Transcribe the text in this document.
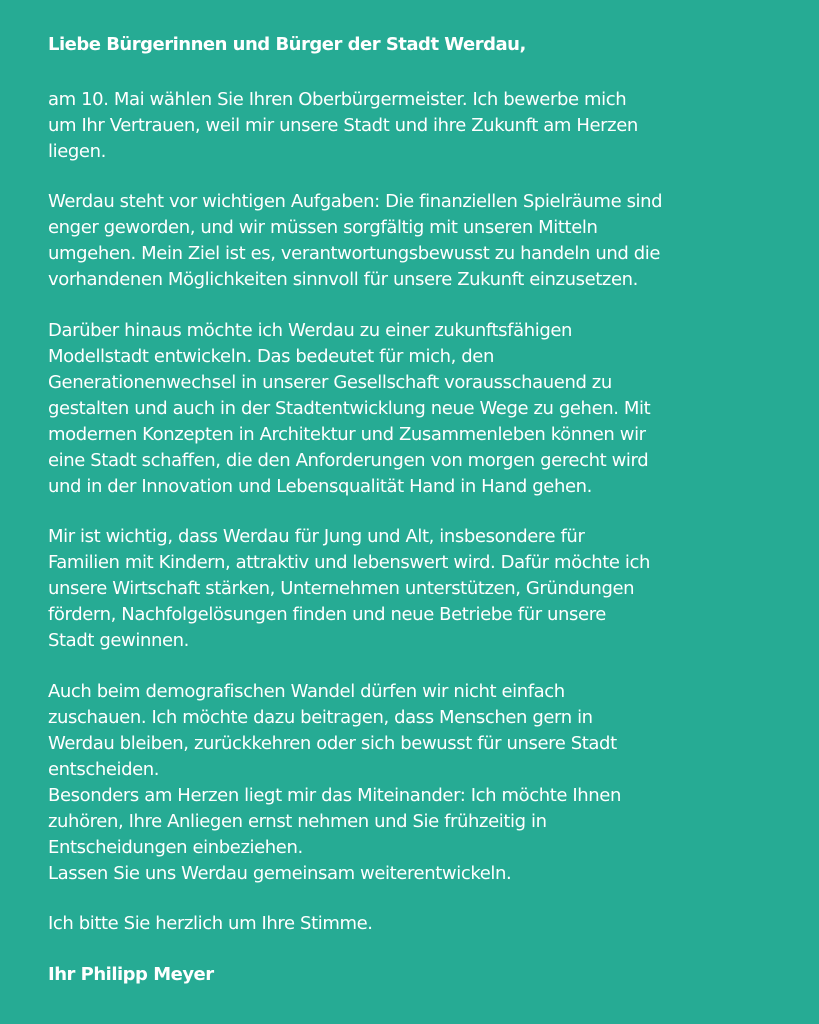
Liebe Bürgerinnen und Bürger der Stadt Werdau,

am 10. Mai wählen Sie Ihren Oberbürgermeister. Ich bewerbe mich
um Ihr Vertrauen, weil mir unsere Stadt und ihre Zukunft am Herzen
liegen.

Werdau steht vor wichtigen Aufgaben: Die finanziellen Spielräume sind
enger geworden, und wir müssen sorgfältig mit unseren Mitteln
umgehen. Mein Ziel ist es, verantwortungsbewusst zu handeln und die
vorhandenen Möglichkeiten sinnvoll für unsere Zukunft einzusetzen.

Darüber hinaus möchte ich Werdau zu einer zukunftsfähigen
Modellstadt entwickeln. Das bedeutet für mich, den
Generationenwechsel in unserer Gesellschaft vorausschauend zu
gestalten und auch in der Stadtentwicklung neue Wege zu gehen. Mit
modernen Konzepten in Architektur und Zusammenleben können wir
eine Stadt schaffen, die den Anforderungen von morgen gerecht wird
und in der Innovation und Lebensqualität Hand in Hand gehen.

Mir ist wichtig, dass Werdau für Jung und Alt, insbesondere für
Familien mit Kindern, attraktiv und lebenswert wird. Dafür möchte ich
unsere Wirtschaft stärken, Unternehmen unterstützen, Gründungen
fördern, Nachfolgelösungen finden und neue Betriebe für unsere
Stadt gewinnen.

Auch beim demografischen Wandel dürfen wir nicht einfach
zuschauen. Ich möchte dazu beitragen, dass Menschen gern in
Werdau bleiben, zurückkehren oder sich bewusst für unsere Stadt
entscheiden.
Besonders am Herzen liegt mir das Miteinander: Ich möchte Ihnen
zuhören, Ihre Anliegen ernst nehmen und Sie frühzeitig in
Entscheidungen einbeziehen.
Lassen Sie uns Werdau gemeinsam weiterentwickeln.

Ich bitte Sie herzlich um Ihre Stimme.

Ihr Philipp Meyer
